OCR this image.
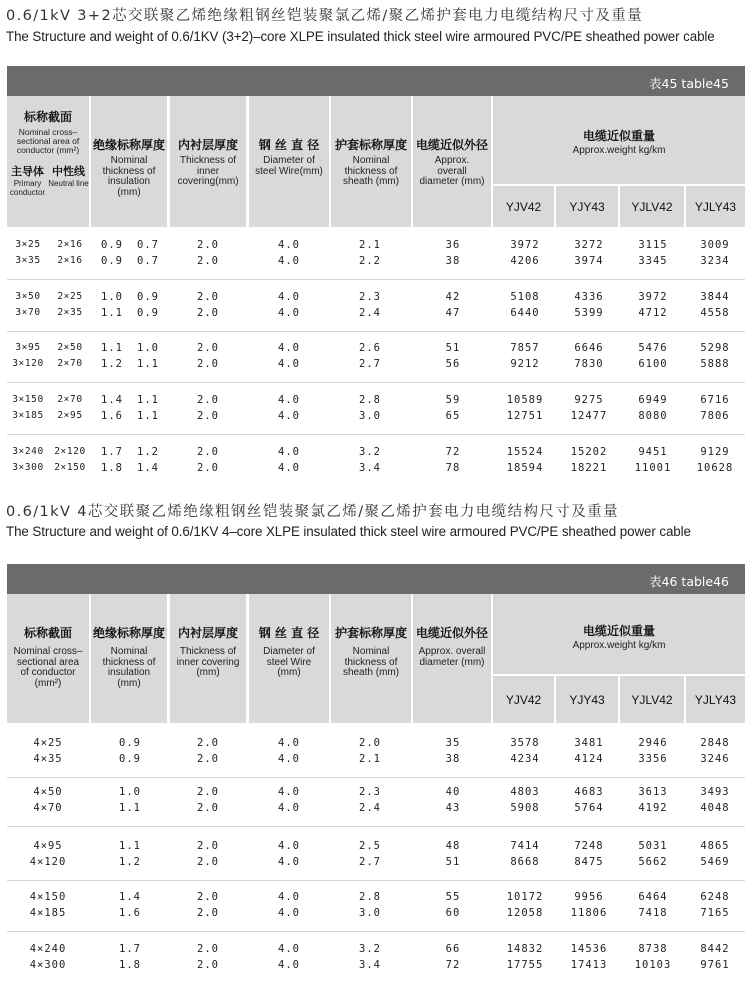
0.6/1kV 3+2芯交联聚乙烯绝缘粗钢丝铠装聚氯乙烯/聚乙烯护套电力电缆结构尺寸及重量
The Structure and weight of 0.6/1KV (3+2)–core XLPE insulated thick steel wire armoured PVC/PE sheathed power cable
表45 table45
标称截面
Nominal cross–sectional area of conductor (mm²)
主导体
Primary conductor
中性线
Neutral line
绝缘标称厚度
Nominal thickness of insulation (mm)
内衬层厚度
Thickness of inner covering(mm)
钢 丝 直 径
Diameter of steel Wire(mm)
护套标称厚度
Nominal thickness of sheath (mm)
电缆近似外径
Approx. overall diameter (mm)
电缆近似重量
Approx.weight kg/km
YJV42 YJY43 YJLV42 YJLY43
3×25	2×16	0.9	0.7	2.0	4.0	2.1	36	3972	3272	3115	3009
3×35	2×16	0.9	0.7	2.0	4.0	2.2	38	4206	3974	3345	3234
3×50	2×25	1.0	0.9	2.0	4.0	2.3	42	5108	4336	3972	3844
3×70	2×35	1.1	0.9	2.0	4.0	2.4	47	6440	5399	4712	4558
3×95	2×50	1.1	1.0	2.0	4.0	2.6	51	7857	6646	5476	5298
3×120	2×70	1.2	1.1	2.0	4.0	2.7	56	9212	7830	6100	5888
3×150	2×70	1.4	1.1	2.0	4.0	2.8	59	10589	9275	6949	6716
3×185	2×95	1.6	1.1	2.0	4.0	3.0	65	12751	12477	8080	7806
3×240	2×120	1.7	1.2	2.0	4.0	3.2	72	15524	15202	9451	9129
3×300	2×150	1.8	1.4	2.0	4.0	3.4	78	18594	18221	11001	10628
0.6/1kV 4芯交联聚乙烯绝缘粗钢丝铠装聚氯乙烯/聚乙烯护套电力电缆结构尺寸及重量
The Structure and weight of 0.6/1KV 4–core XLPE insulated thick steel wire armoured PVC/PE sheathed power cable
表46 table46
标称截面
Nominal cross–sectional area of conductor (mm²)
绝缘标称厚度
Nominal thickness of insulation (mm)
内衬层厚度
Thickness of inner covering (mm)
钢 丝 直 径
Diameter of steel Wire (mm)
护套标称厚度
Nominal thickness of sheath (mm)
电缆近似外径
Approx. overall diameter (mm)
电缆近似重量
Approx.weight kg/km
YJV42 YJY43 YJLV42 YJLY43
4×25	0.9	2.0	4.0	2.0	35	3578	3481	2946	2848
4×35	0.9	2.0	4.0	2.1	38	4234	4124	3356	3246
4×50	1.0	2.0	4.0	2.3	40	4803	4683	3613	3493
4×70	1.1	2.0	4.0	2.4	43	5908	5764	4192	4048
4×95	1.1	2.0	4.0	2.5	48	7414	7248	5031	4865
4×120	1.2	2.0	4.0	2.7	51	8668	8475	5662	5469
4×150	1.4	2.0	4.0	2.8	55	10172	9956	6464	6248
4×185	1.6	2.0	4.0	3.0	60	12058	11806	7418	7165
4×240	1.7	2.0	4.0	3.2	66	14832	14536	8738	8442
4×300	1.8	2.0	4.0	3.4	72	17755	17413	10103	9761
